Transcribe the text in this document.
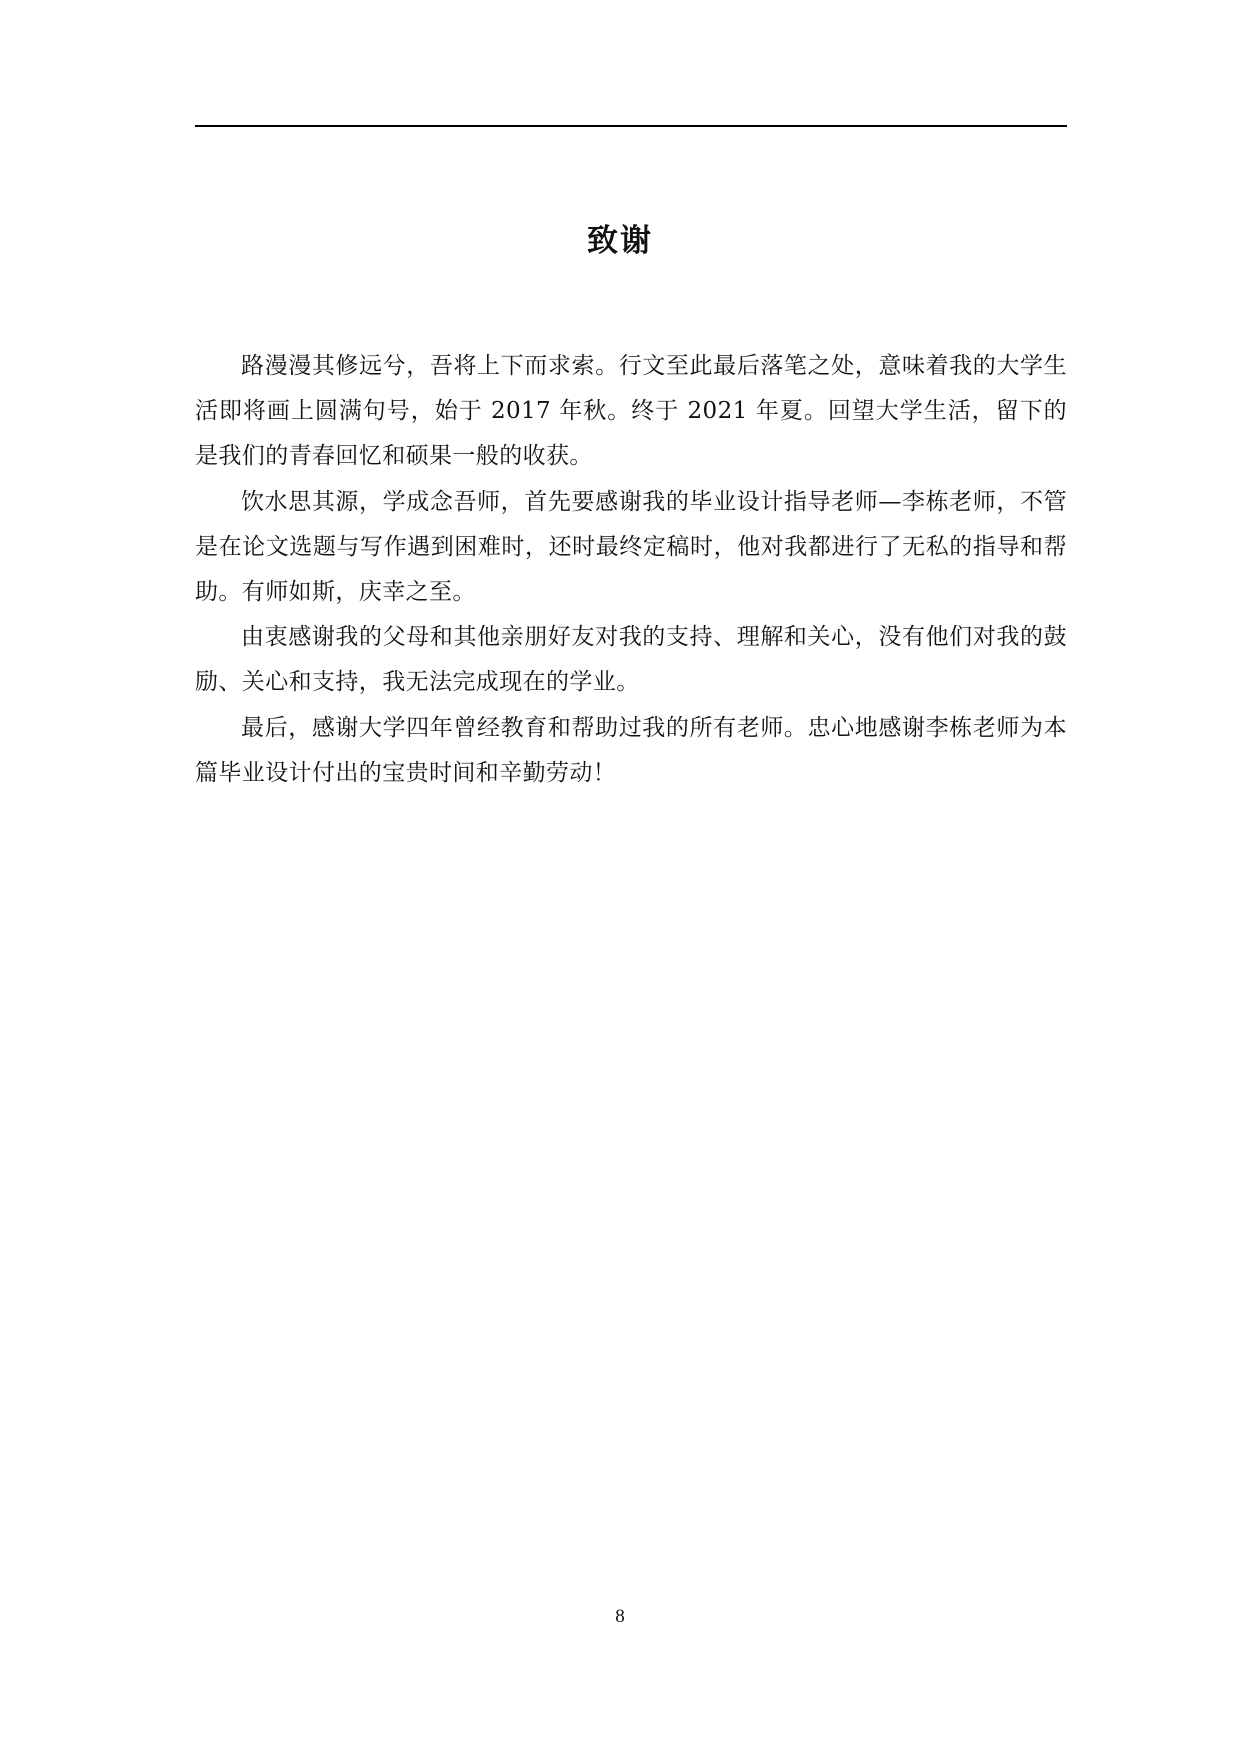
致谢

路漫漫其修远兮，吾将上下而求索。行文至此最后落笔之处，意味着我的大学生活即将画上圆满句号，始于 2017 年秋。终于 2021 年夏。回望大学生活，留下的是我们的青春回忆和硕果一般的收获。

饮水思其源，学成念吾师，首先要感谢我的毕业设计指导老师—李栋老师，不管是在论文选题与写作遇到困难时，还时最终定稿时，他对我都进行了无私的指导和帮助。有师如斯，庆幸之至。

由衷感谢我的父母和其他亲朋好友对我的支持、理解和关心，没有他们对我的鼓励、关心和支持，我无法完成现在的学业。

最后，感谢大学四年曾经教育和帮助过我的所有老师。忠心地感谢李栋老师为本篇毕业设计付出的宝贵时间和辛勤劳动！

8
